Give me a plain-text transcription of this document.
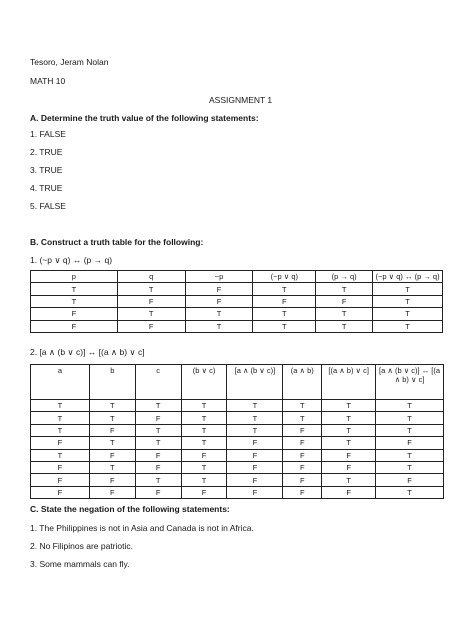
Tesoro, Jeram Nolan
MATH 10
ASSIGNMENT 1
A. Determine the truth value of the following statements:
1. FALSE
2. TRUE
3. TRUE
4. TRUE
5. FALSE
B. Construct a truth table for the following:
1. (~p ∨ q) ↔ (p → q)
p	q	~p	(~p ∨ q)	(p → q)	(~p ∨ q) ↔ (p → q)
T	T	F	T	T	T
T	F	F	F	F	T
F	T	T	T	T	T
F	F	T	T	T	T
2. [a ∧ (b ∨ c)] ↔ [(a ∧ b) ∨ c]
a	b	c	(b ∨ c)	[a ∧ (b ∨ c)]	(a ∧ b)	[(a ∧ b) ∨ c]	[a ∧ (b ∨ c)] ↔ [(a ∧ b) ∨ c]
T	T	T	T	T	T	T	T
T	T	F	T	T	T	T	T
T	F	T	T	T	F	T	T
F	T	T	T	F	F	T	F
T	F	F	F	F	F	F	T
F	T	F	T	F	F	F	T
F	F	T	T	F	F	T	F
F	F	F	F	F	F	F	T
C. State the negation of the following statements:
1. The Philippines is not in Asia and Canada is not in Africa.
2. No Filipinos are patriotic.
3. Some mammals can fly.
